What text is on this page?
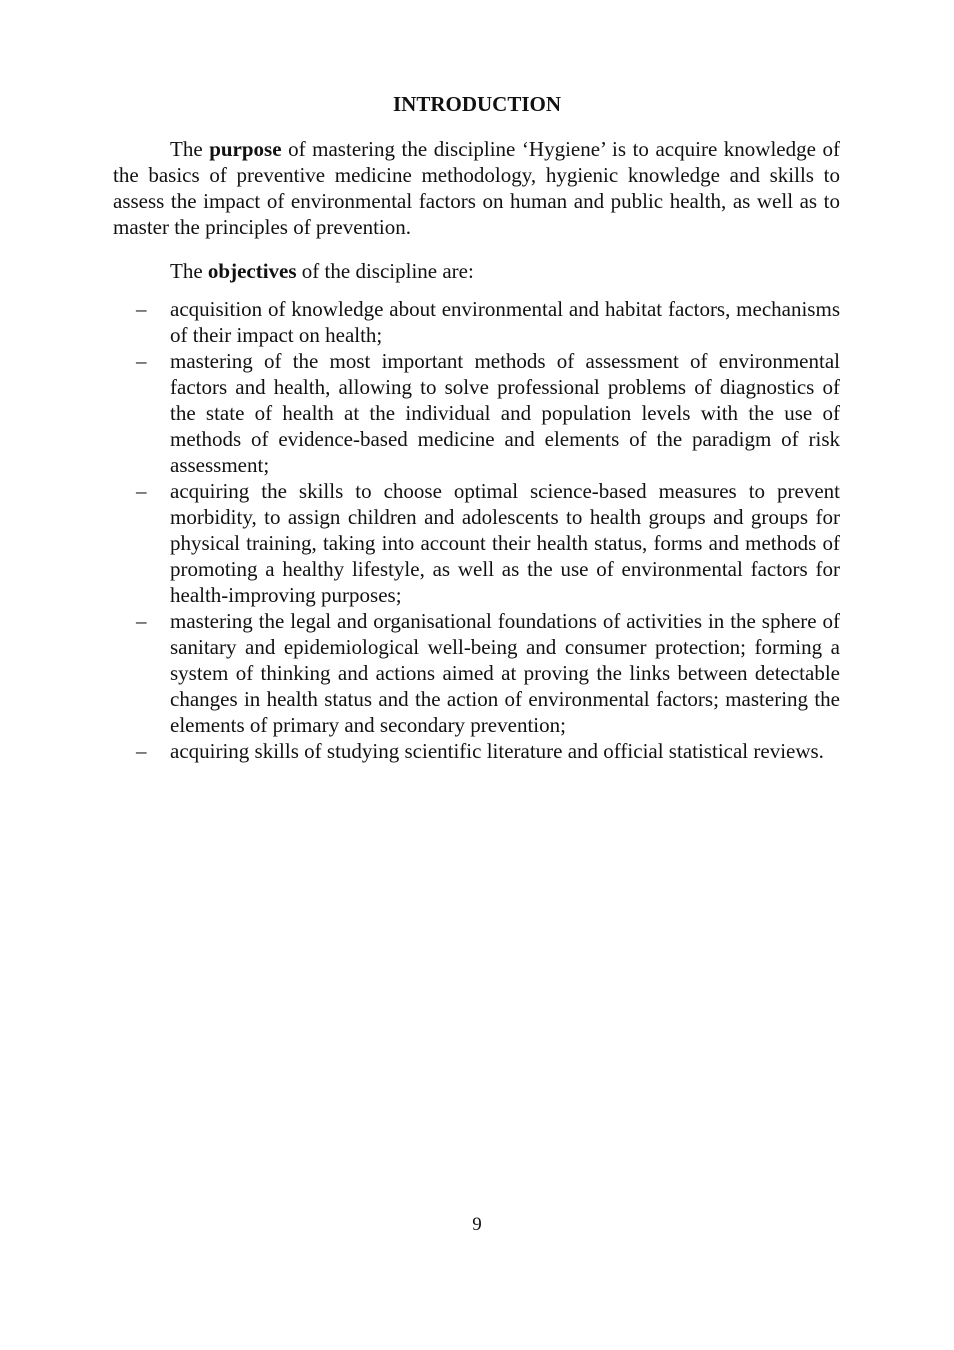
INTRODUCTION

The purpose of mastering the discipline ‘Hygiene’ is to acquire knowledge of the basics of preventive medicine methodology, hygienic knowledge and skills to assess the impact of environmental factors on human and public health, as well as to master the principles of prevention.

The objectives of the discipline are:

– acquisition of knowledge about environmental and habitat factors, mechanisms of their impact on health;
– mastering of the most important methods of assessment of environmental factors and health, allowing to solve professional problems of diagnostics of the state of health at the individual and population levels with the use of methods of evidence-based medicine and elements of the paradigm of risk assessment;
– acquiring the skills to choose optimal science-based measures to prevent morbidity, to assign children and adolescents to health groups and groups for physical training, taking into account their health status, forms and methods of promoting a healthy lifestyle, as well as the use of environmental factors for health-improving purposes;
– mastering the legal and organisational foundations of activities in the sphere of sanitary and epidemiological well-being and consumer protection; forming a system of thinking and actions aimed at proving the links between detectable changes in health status and the action of environmental factors; mastering the elements of primary and secondary prevention;
– acquiring skills of studying scientific literature and official statistical reviews.

9
